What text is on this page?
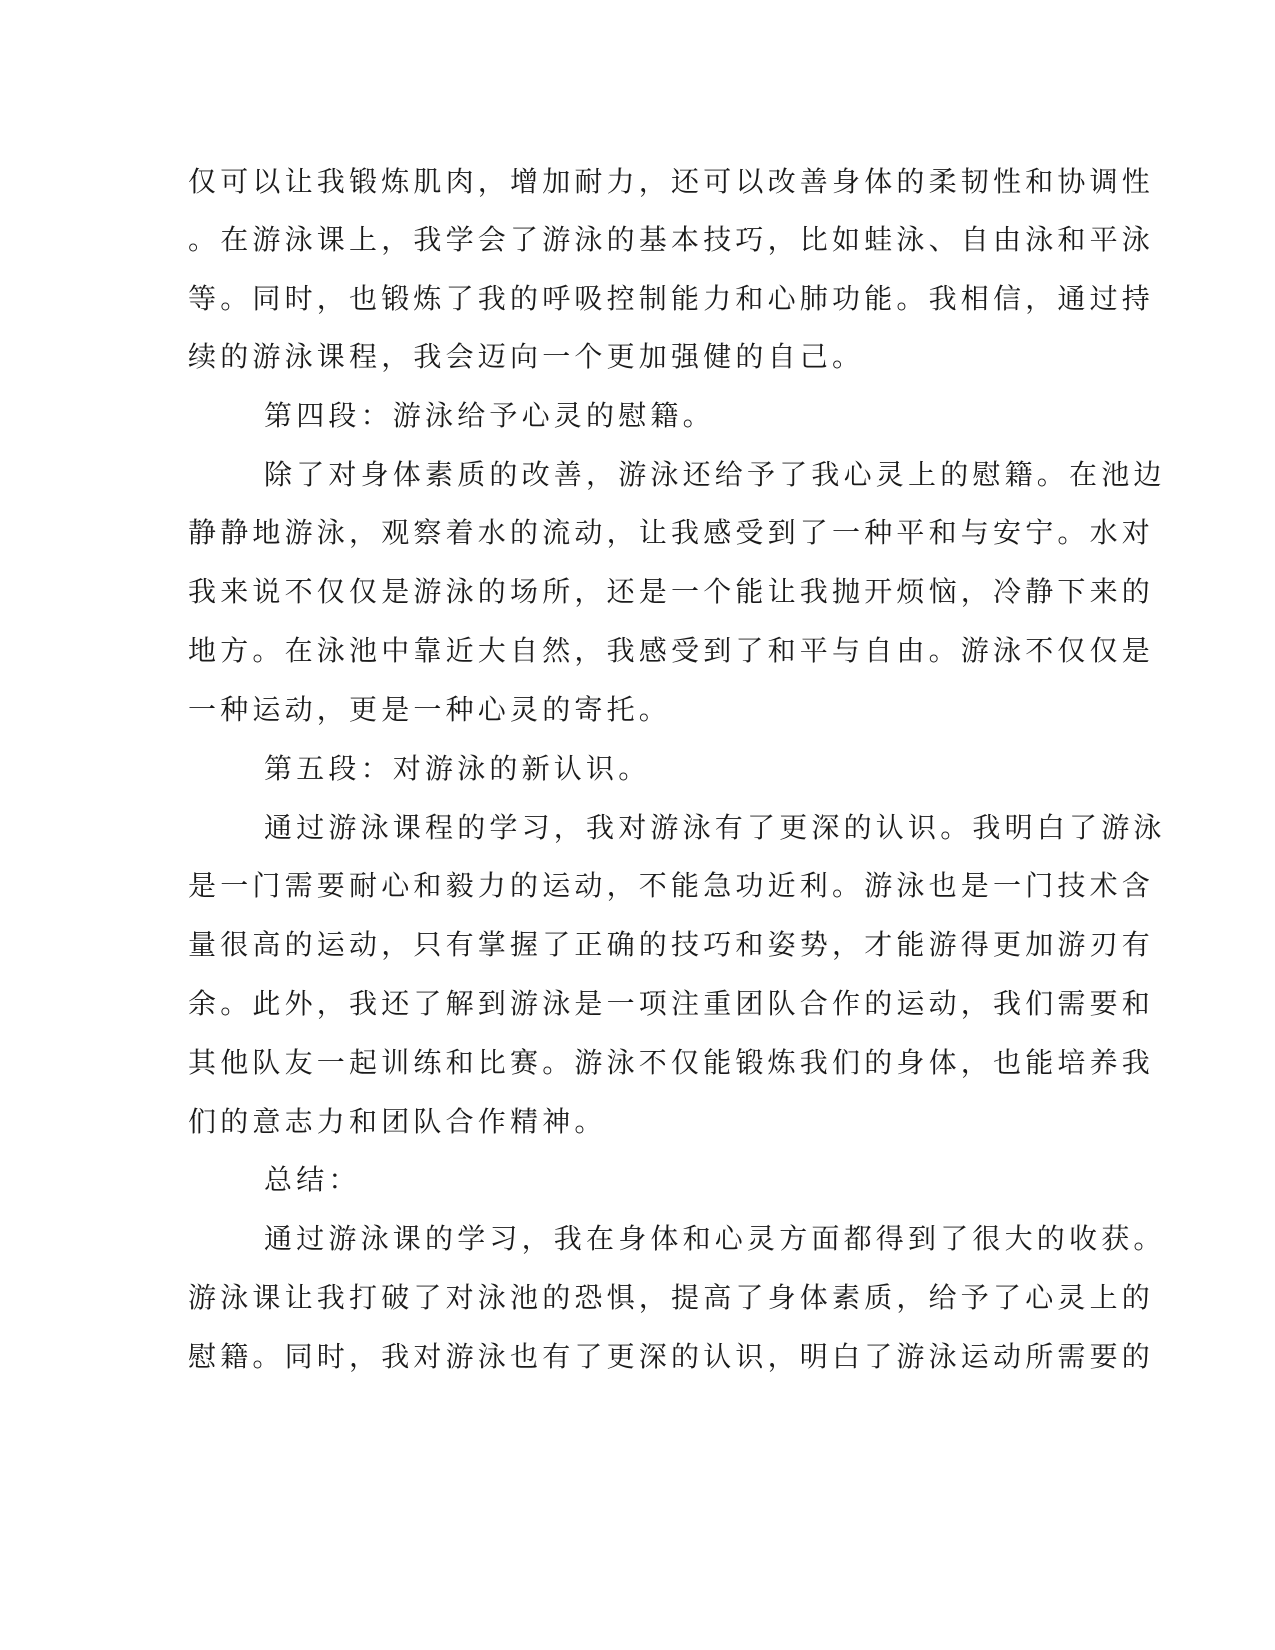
仅可以让我锻炼肌肉，增加耐力，还可以改善身体的柔韧性和协调性
。在游泳课上，我学会了游泳的基本技巧，比如蛙泳、自由泳和平泳
等。同时，也锻炼了我的呼吸控制能力和心肺功能。我相信，通过持
续的游泳课程，我会迈向一个更加强健的自己。
第四段：游泳给予心灵的慰籍。
除了对身体素质的改善，游泳还给予了我心灵上的慰籍。在池边
静静地游泳，观察着水的流动，让我感受到了一种平和与安宁。水对
我来说不仅仅是游泳的场所，还是一个能让我抛开烦恼，冷静下来的
地方。在泳池中靠近大自然，我感受到了和平与自由。游泳不仅仅是
一种运动，更是一种心灵的寄托。
第五段：对游泳的新认识。
通过游泳课程的学习，我对游泳有了更深的认识。我明白了游泳
是一门需要耐心和毅力的运动，不能急功近利。游泳也是一门技术含
量很高的运动，只有掌握了正确的技巧和姿势，才能游得更加游刃有
余。此外，我还了解到游泳是一项注重团队合作的运动，我们需要和
其他队友一起训练和比赛。游泳不仅能锻炼我们的身体，也能培养我
们的意志力和团队合作精神。
总结：
通过游泳课的学习，我在身体和心灵方面都得到了很大的收获。
游泳课让我打破了对泳池的恐惧，提高了身体素质，给予了心灵上的
慰籍。同时，我对游泳也有了更深的认识，明白了游泳运动所需要的
